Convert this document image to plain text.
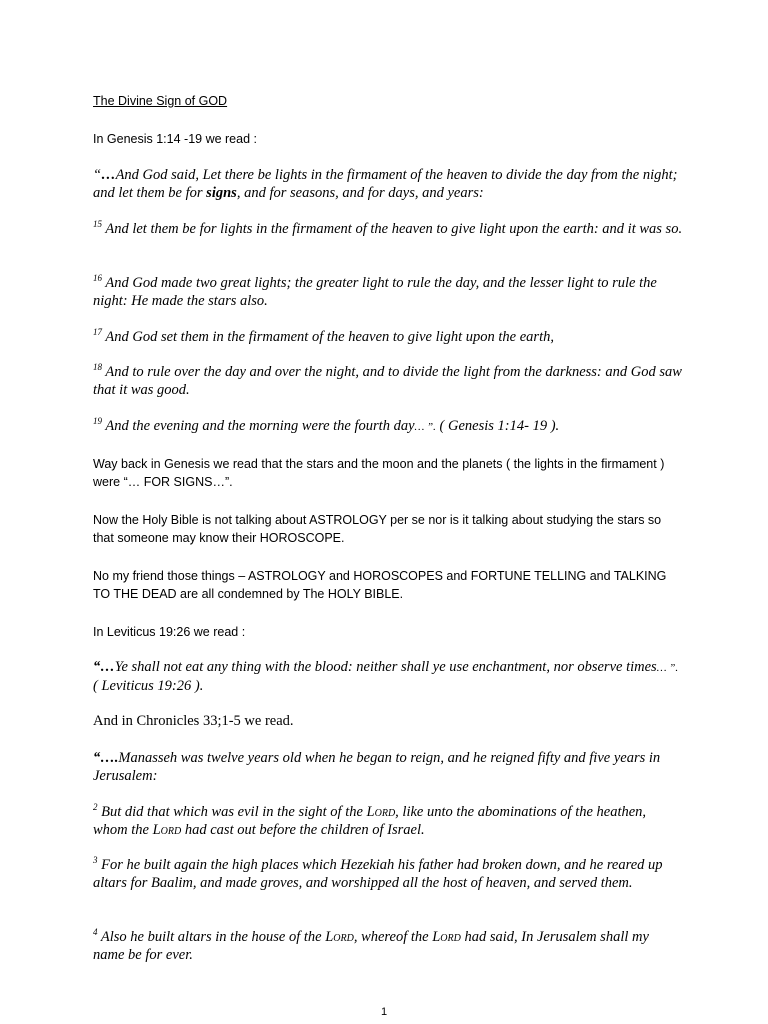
The Divine Sign of GOD

In Genesis 1:14 -19 we read :

“…And God said, Let there be lights in the firmament of the heaven to divide the day from the night; and let them be for signs, and for seasons, and for days, and years:

$^{15}$ And let them be for lights in the firmament of the heaven to give light upon the earth: and it was so.

$^{16}$ And God made two great lights; the greater light to rule the day, and the lesser light to rule the night: He made the stars also.

$^{17}$ And God set them in the firmament of the heaven to give light upon the earth,

$^{18}$ And to rule over the day and over the night, and to divide the light from the darkness: and God saw that it was good.

$^{19}$ And the evening and the morning were the fourth day… ”. ( Genesis 1:14- 19 ).

Way back in Genesis we read that the stars and the moon and the planets ( the lights in the firmament ) were “… FOR SIGNS…”.

Now the Holy Bible is not talking about ASTROLOGY per se nor is it talking about studying the stars so that someone may know their HOROSCOPE.

No my friend those things – ASTROLOGY and HOROSCOPES and FORTUNE TELLING and TALKING TO THE DEAD are all condemned by The HOLY BIBLE.

In Leviticus 19:26 we read :

“…Ye shall not eat any thing with the blood: neither shall ye use enchantment, nor observe times… ”. ( Leviticus 19:26 ).

And in Chronicles 33;1-5 we read.

“….Manasseh was twelve years old when he began to reign, and he reigned fifty and five years in Jerusalem:

$^2$ But did that which was evil in the sight of the Lord, like unto the abominations of the heathen, whom the Lord had cast out before the children of Israel.

$^3$ For he built again the high places which Hezekiah his father had broken down, and he reared up altars for Baalim, and made groves, and worshipped all the host of heaven, and served them.

$^4$ Also he built altars in the house of the Lord, whereof the Lord had said, In Jerusalem shall my name be for ever.

1
